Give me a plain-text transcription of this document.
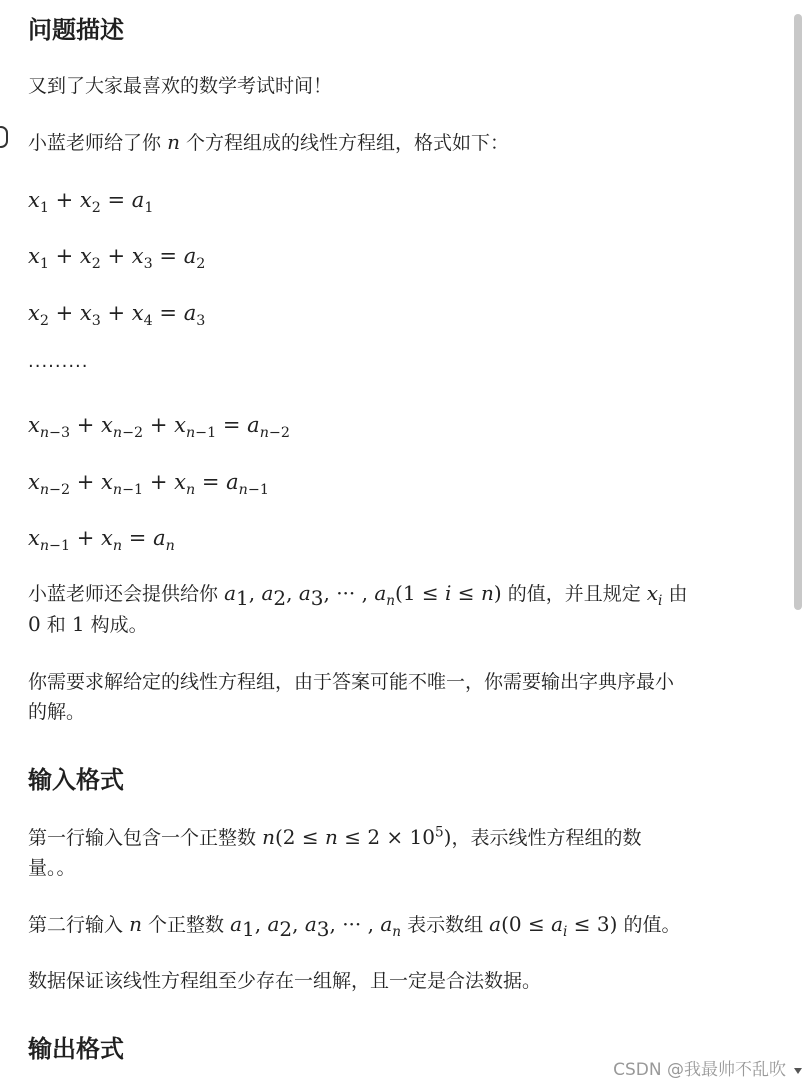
问题描述
又到了大家最喜欢的数学考试时间！
小蓝老师给了你 n 个方程组成的线性方程组，格式如下：
$x_1 + x_2 = a_1$
$x_1 + x_2 + x_3 = a_2$
$x_2 + x_3 + x_4 = a_3$
·········
$x_{n-3} + x_{n-2} + x_{n-1} = a_{n-2}$
$x_{n-2} + x_{n-1} + x_n = a_{n-1}$
$x_{n-1} + x_n = a_n$
小蓝老师还会提供给你 $a_1$, $a_2$, $a_3$, ··· , $a_n(1 \le i \le n)$ 的值，并且规定 $x_i$ 由
0 和 1 构成。
你需要求解给定的线性方程组，由于答案可能不唯一，你需要输出字典序最小
的解。
输入格式
第一行输入包含一个正整数 $n(2 \le n \le 2 \times 10^5)$，表示线性方程组的数
量。。
第二行输入 n 个正整数 $a_1$, $a_2$, $a_3$, ··· , $a_n$ 表示数组 $a(0 \le a_i \le 3)$ 的值。
数据保证该线性方程组至少存在一组解，且一定是合法数据。
输出格式
CSDN @我最帅不乱吹
